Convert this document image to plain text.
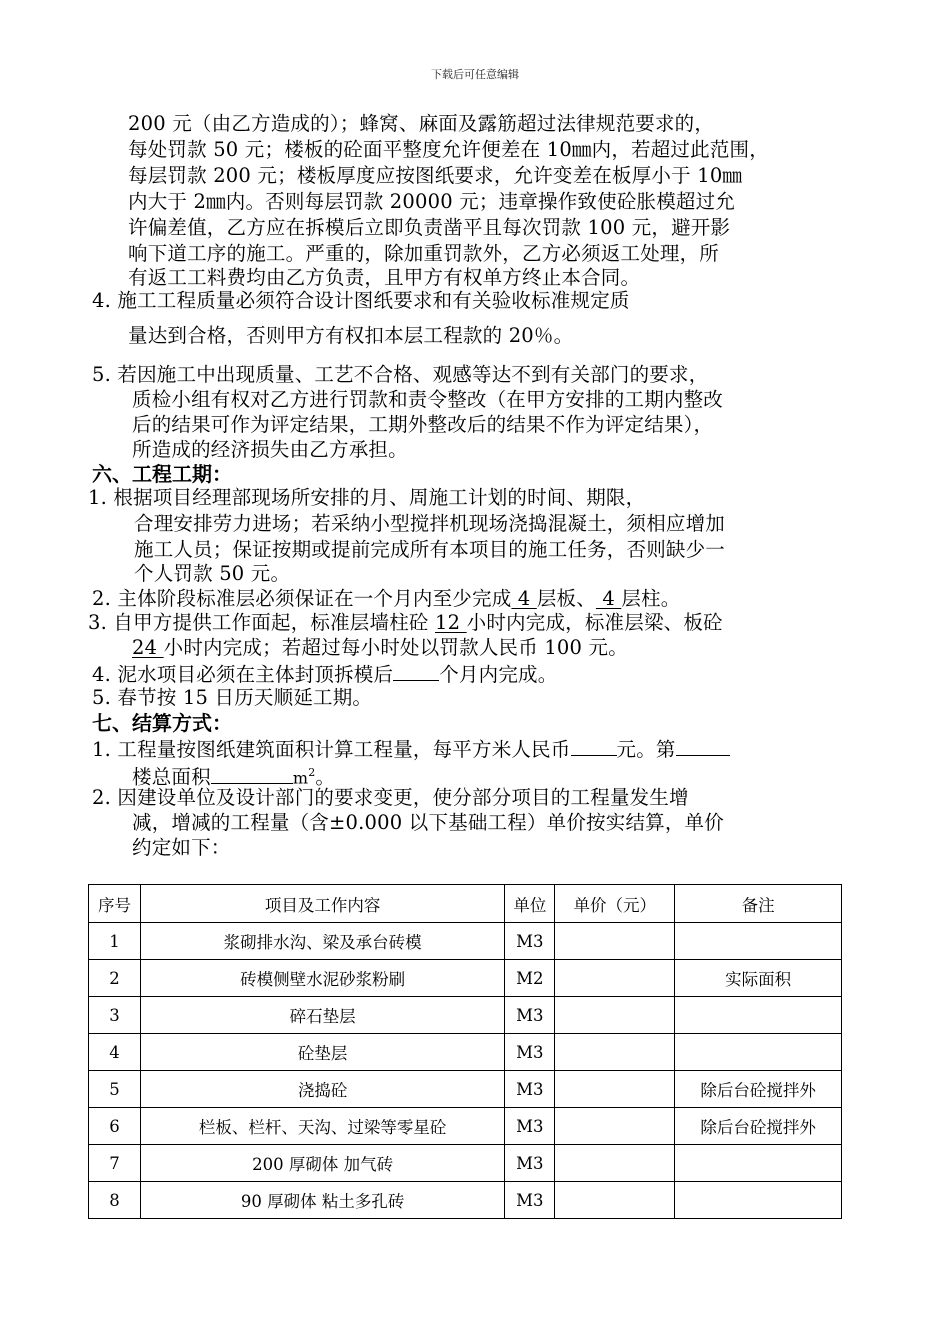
下载后可任意编辑
200 元（由乙方造成的）；蜂窝、麻面及露筋超过法律规范要求的，
每处罚款 50 元；楼板的砼面平整度允许便差在 10㎜内，若超过此范围，
每层罚款 200 元；楼板厚度应按图纸要求，允许变差在板厚小于 10㎜
内大于 2㎜内。否则每层罚款 20000 元；违章操作致使砼胀模超过允
许偏差值，乙方应在拆模后立即负责凿平且每次罚款 100 元，避开影
响下道工序的施工。严重的，除加重罚款外，乙方必须返工处理，所
有返工工料费均由乙方负责，且甲方有权单方终止本合同。
4. 施工工程质量必须符合设计图纸要求和有关验收标准规定质
量达到合格，否则甲方有权扣本层工程款的 20％。
5. 若因施工中出现质量、工艺不合格、观感等达不到有关部门的要求，
质检小组有权对乙方进行罚款和责令整改（在甲方安排的工期内整改
后的结果可作为评定结果，工期外整改后的结果不作为评定结果），
所造成的经济损失由乙方承担。
六、工程工期：
1. 根据项目经理部现场所安排的月、周施工计划的时间、期限，
合理安排劳力进场；若采纳小型搅拌机现场浇捣混凝土，须相应增加
施工人员；保证按期或提前完成所有本项目的施工任务，否则缺少一
个人罚款 50 元。
2. 主体阶段标准层必须保证在一个月内至少完成 4 层板、 4 层柱。
3. 自甲方提供工作面起，标准层墙柱砼 12 小时内完成，标准层梁、板砼
24 小时内完成；若超过每小时处以罚款人民币 100 元。
4. 泥水项目必须在主体封顶拆模后 个月内完成。
5. 春节按 15 日历天顺延工期。
七、结算方式：
1. 工程量按图纸建筑面积计算工程量，每平方米人民币 元。第
楼总面积	$m^2$。
2. 因建设单位及设计部门的要求变更，使分部分项目的工程量发生增
减，增减的工程量（含±0.000 以下基础工程）单价按实结算，单价
约定如下：
序号	项目及工作内容	单位	单价（元）	备注
1	浆砌排水沟、梁及承台砖模	M3		
2	砖模侧壁水泥砂浆粉刷	M2		实际面积
3	碎石垫层	M3		
4	砼垫层	M3		
5	浇捣砼	M3		除后台砼搅拌外
6	栏板、栏杆、天沟、过梁等零星砼	M3		除后台砼搅拌外
7	200 厚砌体 加气砖	M3		
8	90 厚砌体 粘土多孔砖	M3		
